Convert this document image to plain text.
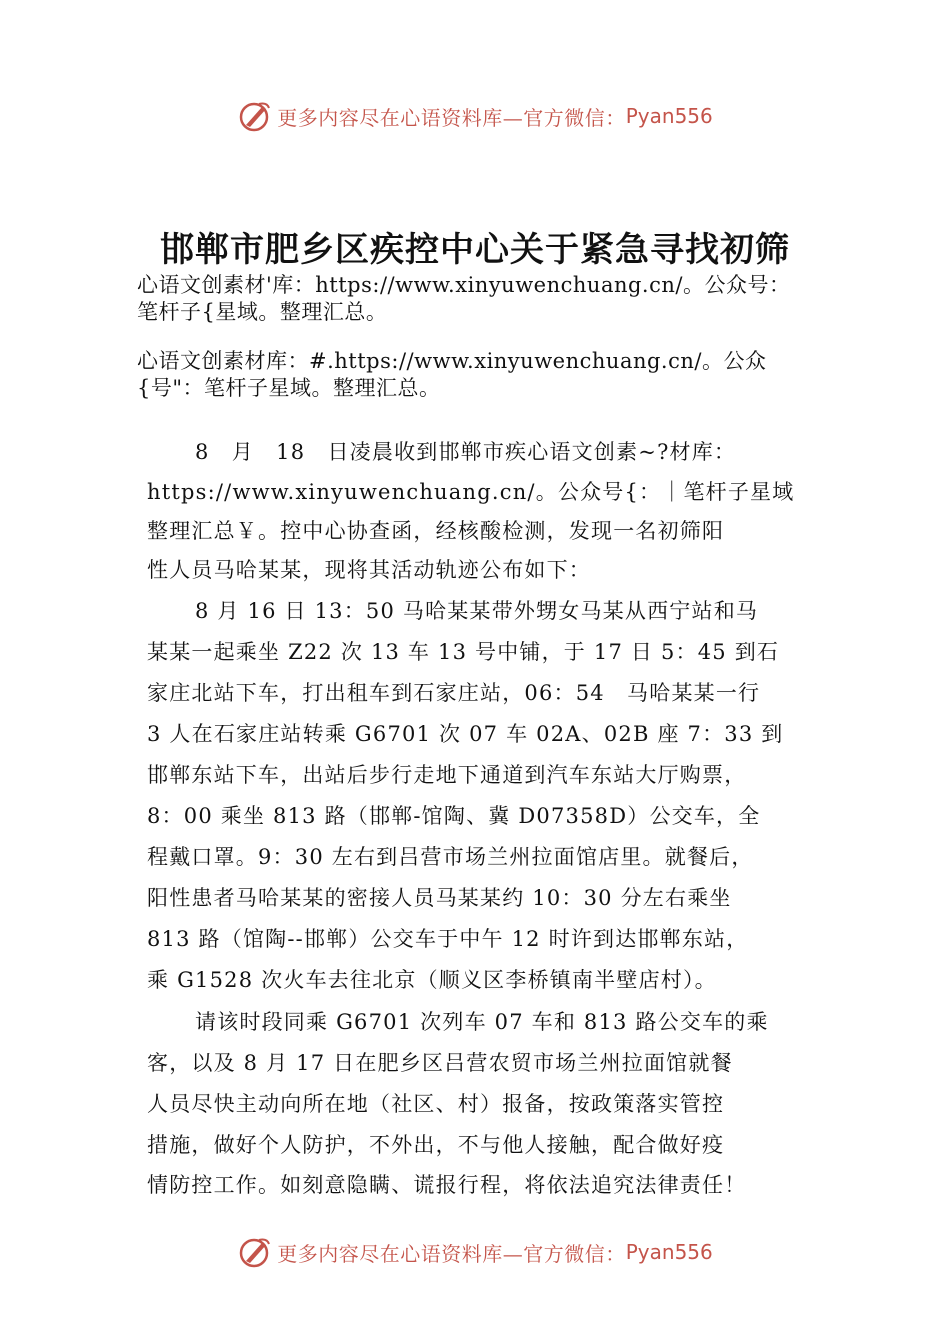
更多内容尽在心语资料库—官方微信： Pyan556
邯郸市肥乡区疾控中心关于紧急寻找初筛
心语文创素材'库：https://www.xinyuwenchuang.cn/。公众号：
笔杆子{星域。整理汇总。
心语文创素材库：#.https://www.xinyuwenchuang.cn/。公众
{号"：笔杆子星域。整理汇总。
8　月　18　日凌晨收到邯郸市疾心语文创素~?材库：
https://www.xinyuwenchuang.cn/。公众号{：｜笔杆子星域
整理汇总￥。控中心协查函，经核酸检测，发现一名初筛阳
性人员马哈某某，现将其活动轨迹公布如下：
8 月 16 日 13：50 马哈某某带外甥女马某从西宁站和马
某某一起乘坐 Z22 次 13 车 13 号中铺，于 17 日 5：45 到石
家庄北站下车，打出租车到石家庄站，06：54　马哈某某一行
3 人在石家庄站转乘 G6701 次 07 车 02A、02B 座 7：33 到
邯郸东站下车，出站后步行走地下通道到汽车东站大厅购票，
8：00 乘坐 813 路（邯郸-馆陶、冀 D07358D）公交车，全
程戴口罩。9：30 左右到吕营市场兰州拉面馆店里。就餐后，
阳性患者马哈某某的密接人员马某某约 10：30 分左右乘坐
813 路（馆陶--邯郸）公交车于中午 12 时许到达邯郸东站，
乘 G1528 次火车去往北京（顺义区李桥镇南半壁店村）。
请该时段同乘 G6701 次列车 07 车和 813 路公交车的乘
客，以及 8 月 17 日在肥乡区吕营农贸市场兰州拉面馆就餐
人员尽快主动向所在地（社区、村）报备，按政策落实管控
措施，做好个人防护，不外出，不与他人接触，配合做好疫
情防控工作。如刻意隐瞒、谎报行程，将依法追究法律责任！
更多内容尽在心语资料库—官方微信： Pyan556
